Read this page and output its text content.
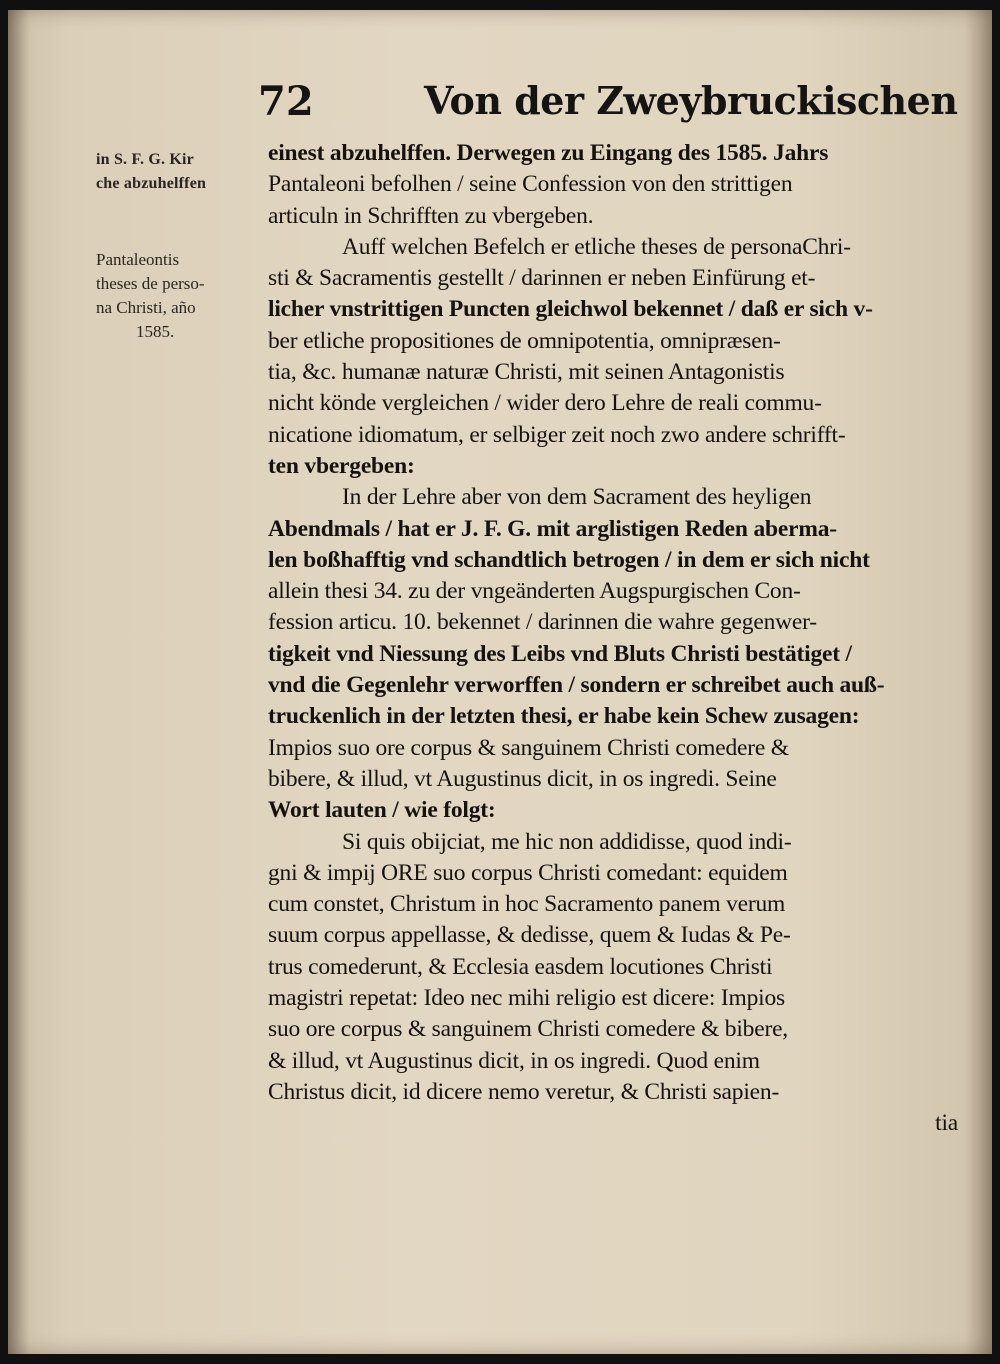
72	Von der Zweybruckischen

in S. F. G. Kir

che abzuhelffen

Pantaleontis

theses de perso-

na Christi, año

1585.

einest abzuhelffen. Derwegen zu Eingang des 1585. Jahrs
Pantaleoni befolhen / seine Confession von den strittigen
articuln in Schrifften zu vbergeben.
Auff welchen Befelch er etliche theses de personaChri-
sti & Sacramentis gestellt / darinnen er neben Einfürung et-
licher vnstrittigen Puncten gleichwol bekennet / daß er sich v-
ber etliche propositiones de omnipotentia, omnipræsen-
tia, &c. humanæ naturæ Christi, mit seinen Antagonistis
nicht könde vergleichen / wider dero Lehre de reali commu-
nicatione idiomatum, er selbiger zeit noch zwo andere schrifft-
ten vbergeben:
In der Lehre aber von dem Sacrament des heyligen
Abendmals / hat er J. F. G. mit arglistigen Reden aberma-
len boßhafftig vnd schandtlich betrogen / in dem er sich nicht
allein thesi 34. zu der vngeänderten Augspurgischen Con-
fession articu. 10. bekennet / darinnen die wahre gegenwer-
tigkeit vnd Niessung des Leibs vnd Bluts Christi bestätiget /
vnd die Gegenlehr verworffen / sondern er schreibet auch auß-
truckenlich in der letzten thesi, er habe kein Schew zusagen:
Impios suo ore corpus & sanguinem Christi comedere &
bibere, & illud, vt Augustinus dicit, in os ingredi. Seine
Wort lauten / wie folgt:
Si quis obijciat, me hic non addidisse, quod indi-
gni & impij ORE suo corpus Christi comedant: equidem
cum constet, Christum in hoc Sacramento panem verum
suum corpus appellasse, & dedisse, quem & Iudas & Pe-
trus comederunt, & Ecclesia easdem locutiones Christi
magistri repetat: Ideo nec mihi religio est dicere: Impios
suo ore corpus & sanguinem Christi comedere & bibere,
& illud, vt Augustinus dicit, in os ingredi. Quod enim
Christus dicit, id dicere nemo veretur, & Christi sapien-
tia
